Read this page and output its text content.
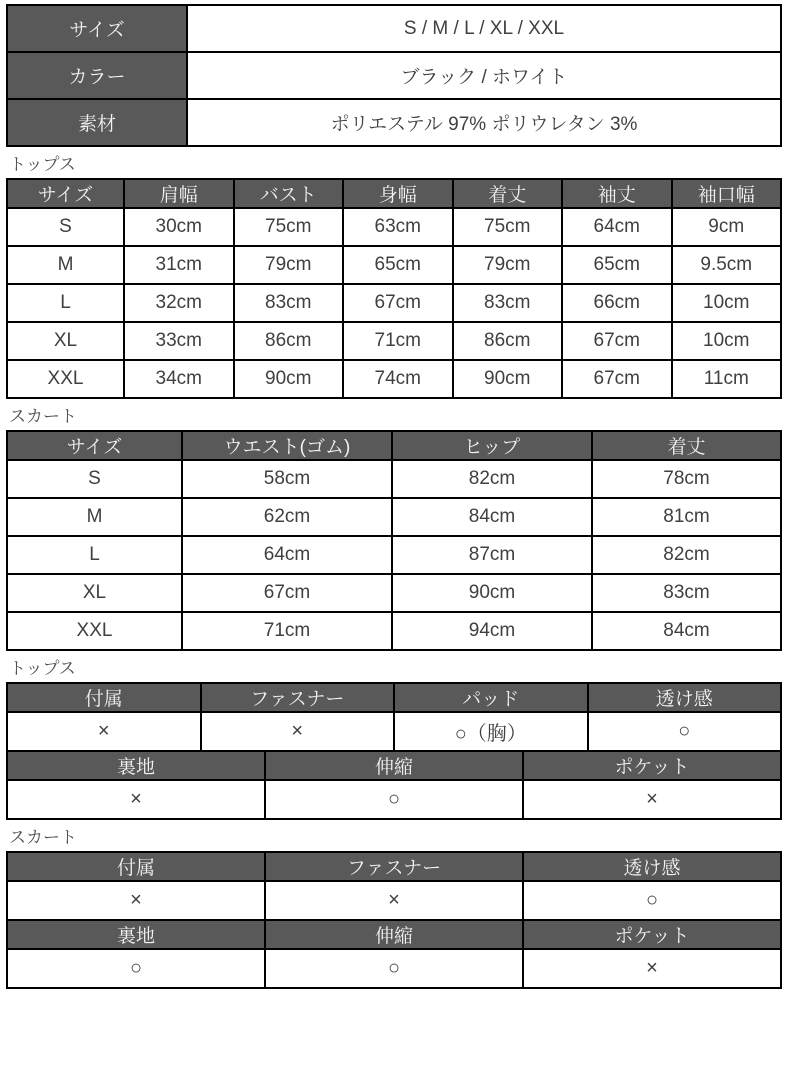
サイズ	S / M / L / XL / XXL
カラー	ブラック / ホワイト
素材	ポリエステル 97% ポリウレタン 3%
トップス
サイズ	肩幅	バスト	身幅	着丈	袖丈	袖口幅
S	30cm	75cm	63cm	75cm	64cm	9cm
M	31cm	79cm	65cm	79cm	65cm	9.5cm
L	32cm	83cm	67cm	83cm	66cm	10cm
XL	33cm	86cm	71cm	86cm	67cm	10cm
XXL	34cm	90cm	74cm	90cm	67cm	11cm
スカート
サイズ	ウエスト(ゴム)	ヒップ	着丈
S	58cm	82cm	78cm
M	62cm	84cm	81cm
L	64cm	87cm	82cm
XL	67cm	90cm	83cm
XXL	71cm	94cm	84cm
トップス
付属	ファスナー	パッド	透け感
×	×	○（胸）	○
裏地	伸縮	ポケット
×	○	×
スカート
付属	ファスナー	透け感
×	×	○
裏地	伸縮	ポケット
○	○	×
